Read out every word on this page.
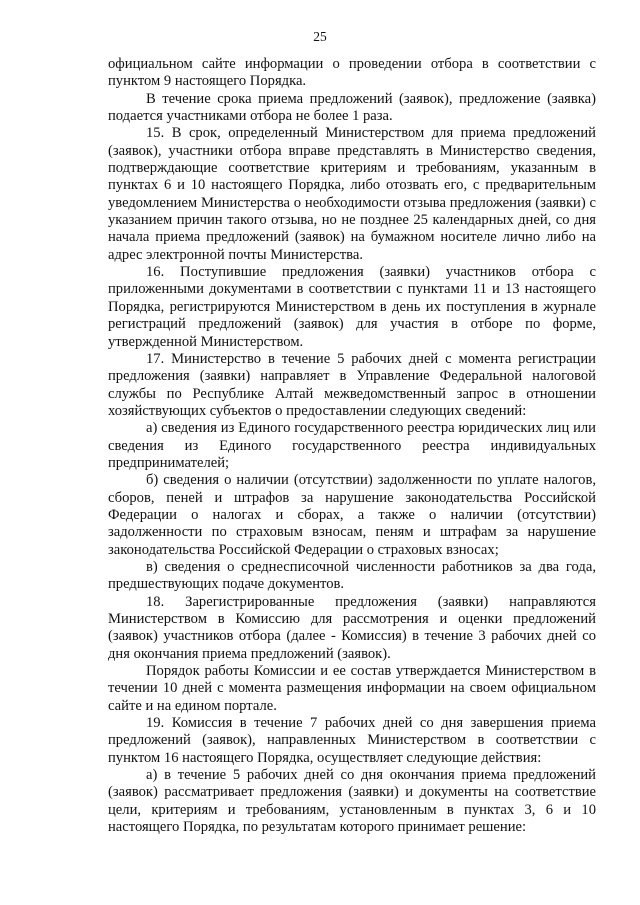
25

официальном сайте информации о проведении отбора в соответствии с пунктом 9 настоящего Порядка.

В течение срока приема предложений (заявок), предложение (заявка) подается участниками отбора не более 1 раза.

15. В срок, определенный Министерством для приема предложений (заявок), участники отбора вправе представлять в Министерство сведения, подтверждающие соответствие критериям и требованиям, указанным в пунктах 6 и 10 настоящего Порядка, либо отозвать его, с предварительным уведомлением Министерства о необходимости отзыва предложения (заявки) с указанием причин такого отзыва, но не позднее 25 календарных дней, со дня начала приема предложений (заявок) на бумажном носителе лично либо на адрес электронной почты Министерства.

16. Поступившие предложения (заявки) участников отбора с приложенными документами в соответствии с пунктами 11 и 13 настоящего Порядка, регистрируются Министерством в день их поступления в журнале регистраций предложений (заявок) для участия в отборе по форме, утвержденной Министерством.

17. Министерство в течение 5 рабочих дней с момента регистрации предложения (заявки) направляет в Управление Федеральной налоговой службы по Республике Алтай межведомственный запрос в отношении хозяйствующих субъектов о предоставлении следующих сведений:

а) сведения из Единого государственного реестра юридических лиц или сведения из Единого государственного реестра индивидуальных предпринимателей;

б) сведения о наличии (отсутствии) задолженности по уплате налогов, сборов, пеней и штрафов за нарушение законодательства Российской Федерации о налогах и сборах, а также о наличии (отсутствии) задолженности по страховым взносам, пеням и штрафам за нарушение законодательства Российской Федерации о страховых взносах;

в) сведения о среднесписочной численности работников за два года, предшествующих подаче документов.

18. Зарегистрированные предложения (заявки) направляются Министерством в Комиссию для рассмотрения и оценки предложений (заявок) участников отбора (далее - Комиссия) в течение 3 рабочих дней со дня окончания приема предложений (заявок).

Порядок работы Комиссии и ее состав утверждается Министерством в течении 10 дней с момента размещения информации на своем официальном сайте и на едином портале.

19. Комиссия в течение 7 рабочих дней со дня завершения приема предложений (заявок), направленных Министерством в соответствии с пунктом 16 настоящего Порядка, осуществляет следующие действия:

а) в течение 5 рабочих дней со дня окончания приема предложений (заявок) рассматривает предложения (заявки) и документы на соответствие цели, критериям и требованиям, установленным в пунктах 3, 6 и 10 настоящего Порядка, по результатам которого принимает решение:
